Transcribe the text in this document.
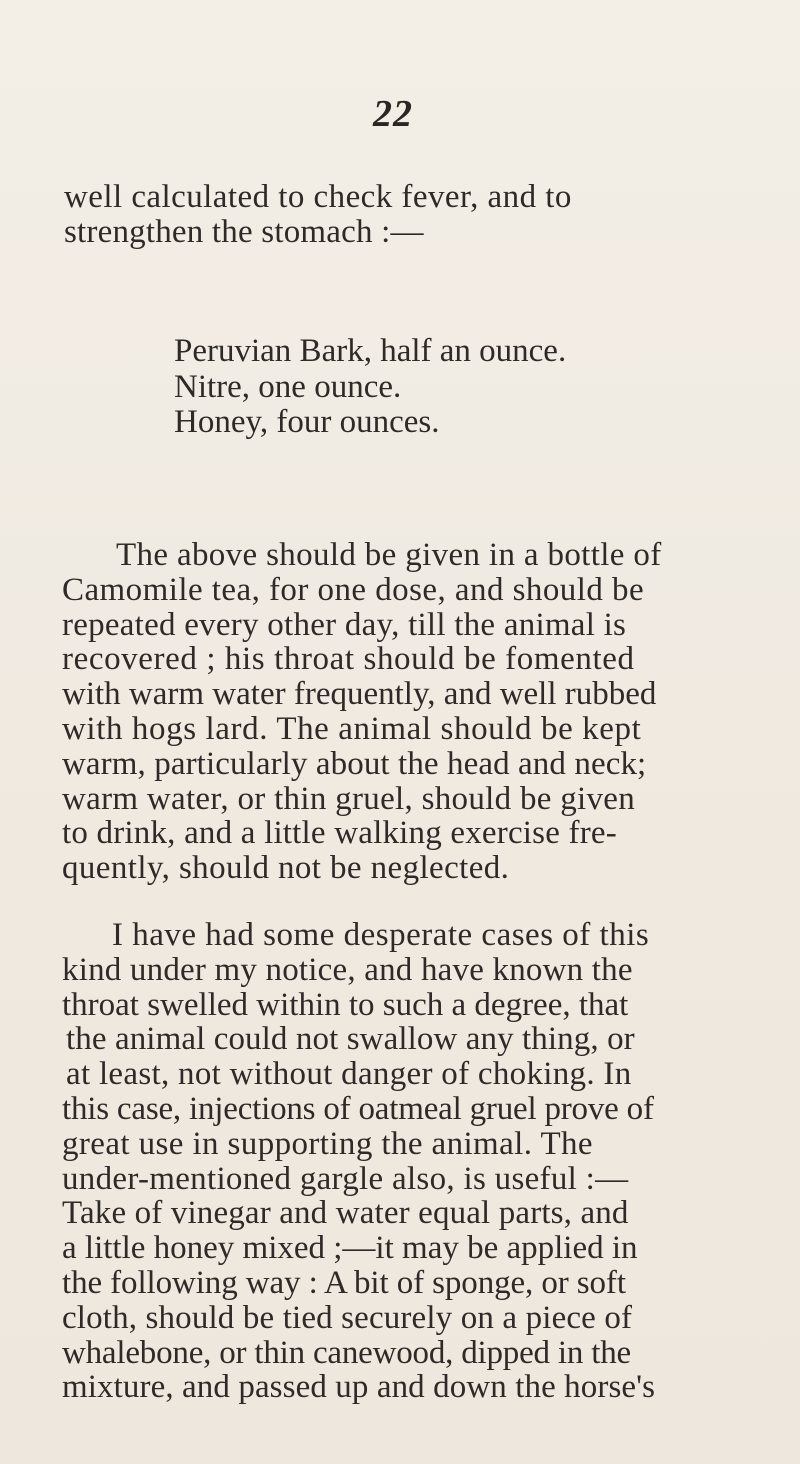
22
well calculated to check fever, and to
strengthen the stomach :—
Peruvian Bark, half an ounce.
Nitre, one ounce.
Honey, four ounces.
The above should be given in a bottle of
Camomile tea, for one dose, and should be
repeated every other day, till the animal is
recovered ; his throat should be fomented
with warm water frequently, and well rubbed
with hogs lard. The animal should be kept
warm, particularly about the head and neck;
warm water, or thin gruel, should be given
to drink, and a little walking exercise fre-
quently, should not be neglected.
I have had some desperate cases of this
kind under my notice, and have known the
throat swelled within to such a degree, that
the animal could not swallow any thing, or
at least, not without danger of choking. In
this case, injections of oatmeal gruel prove of
great use in supporting the animal. The
under-mentioned gargle also, is useful :—
Take of vinegar and water equal parts, and
a little honey mixed ;—it may be applied in
the following way : A bit of sponge, or soft
cloth, should be tied securely on a piece of
whalebone, or thin canewood, dipped in the
mixture, and passed up and down the horse's
